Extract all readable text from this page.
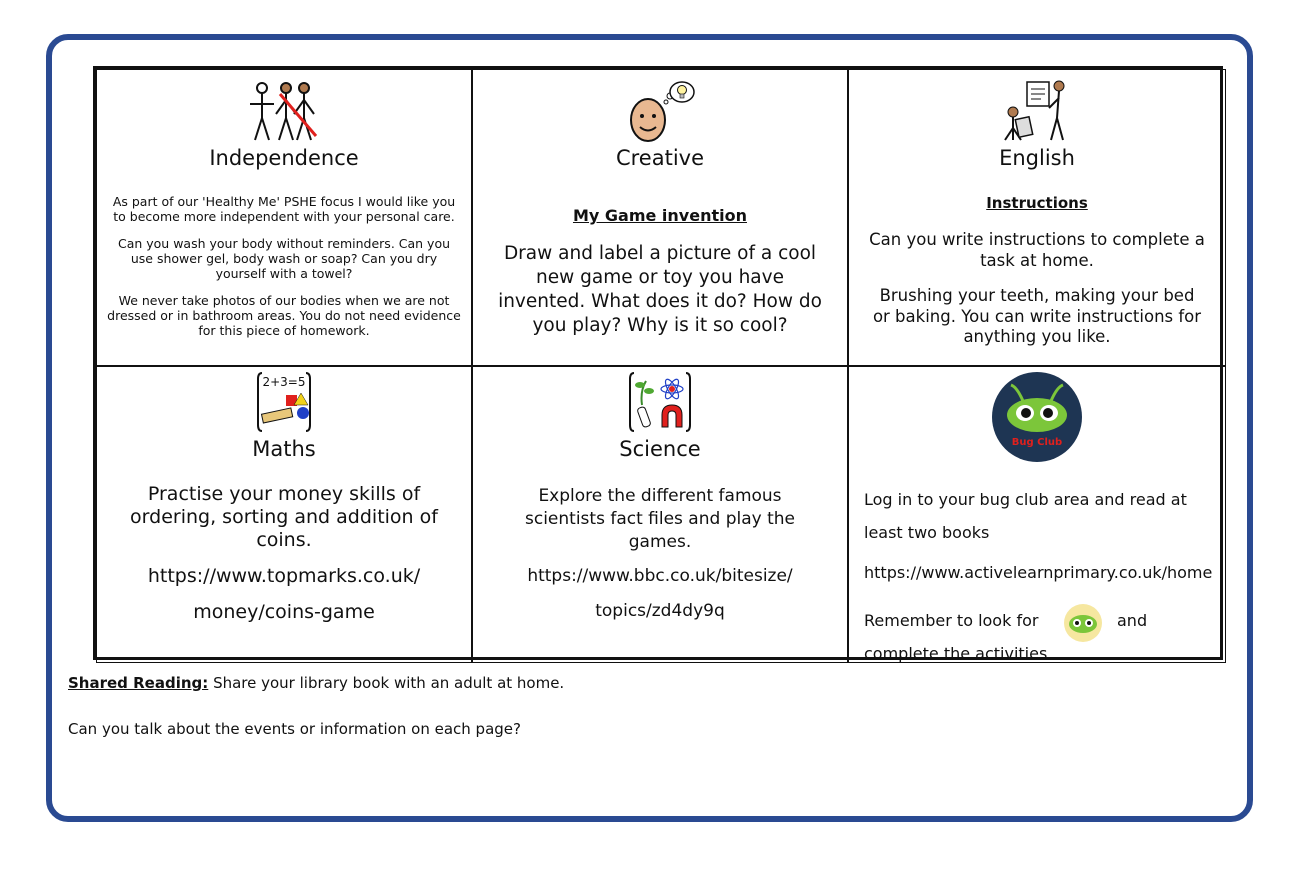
Independence

As part of our 'Healthy Me' PSHE focus I would like you to become more independent with your personal care.

Can you wash your body without reminders. Can you use shower gel, body wash or soap? Can you dry yourself with a towel?

We never take photos of our bodies when we are not dressed or in bathroom areas. You do not need evidence for this piece of homework.

Creative
My Game invention

Draw and label a picture of a cool new game or toy you have invented. What does it do? How do you play? Why is it so cool?

English
Instructions

Can you write instructions to complete a task at home.

Brushing your teeth, making your bed or baking. You can write instructions for anything you like.

2+3=5
Maths

Practise your money skills of ordering, sorting and addition of coins.

https://www.topmarks.co.uk/
money/coins-game
Science

Explore the different famous scientists fact files and play the games.

https://www.bbc.co.uk/bitesize/
topics/zd4dy9q
Bug Club

Log in to your bug club area and read at least two books

https://www.activelearnprimary.co.uk/home

Remember to look for	and

complete the activities

Shared Reading: Share your library book with an adult at home.
Can you talk about the events or information on each page?
